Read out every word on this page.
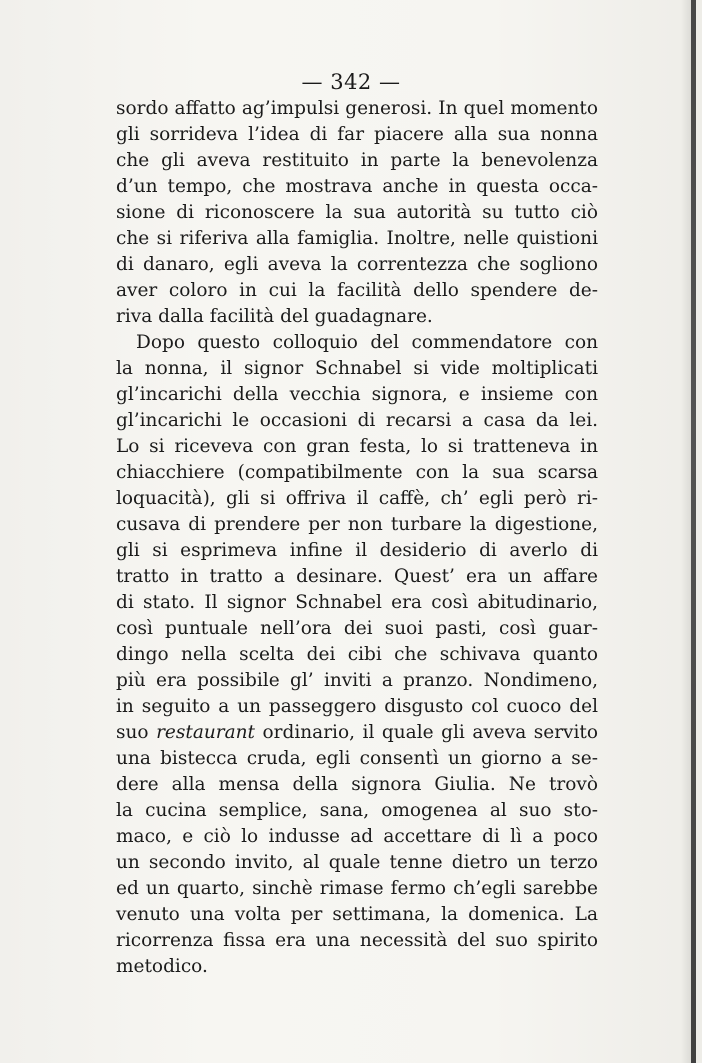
— 342 —

sordo affatto ag’impulsi generosi. In quel momento
gli sorrideva l’idea di far piacere alla sua nonna
che gli aveva restituito in parte la benevolenza
d’un tempo, che mostrava anche in questa occa-
sione di riconoscere la sua autorità su tutto ciò
che si riferiva alla famiglia. Inoltre, nelle quistioni
di danaro, egli aveva la correntezza che sogliono
aver coloro in cui la facilità dello spendere de-
riva dalla facilità del guadagnare.
Dopo questo colloquio del commendatore con
la nonna, il signor Schnabel si vide moltiplicati
gl’incarichi della vecchia signora, e insieme con
gl’incarichi le occasioni di recarsi a casa da lei.
Lo si riceveva con gran festa, lo si tratteneva in
chiacchiere (compatibilmente con la sua scarsa
loquacità), gli si offriva il caffè, ch’ egli però ri-
cusava di prendere per non turbare la digestione,
gli si esprimeva infine il desiderio di averlo di
tratto in tratto a desinare. Quest’ era un affare
di stato. Il signor Schnabel era così abitudinario,
così puntuale nell’ora dei suoi pasti, così guar-
dingo nella scelta dei cibi che schivava quanto
più era possibile gl’ inviti a pranzo. Nondimeno,
in seguito a un passeggero disgusto col cuoco del
suo restaurant ordinario, il quale gli aveva servito
una bistecca cruda, egli consentì un giorno a se-
dere alla mensa della signora Giulia. Ne trovò
la cucina semplice, sana, omogenea al suo sto-
maco, e ciò lo indusse ad accettare di lì a poco
un secondo invito, al quale tenne dietro un terzo
ed un quarto, sinchè rimase fermo ch’egli sarebbe
venuto una volta per settimana, la domenica. La
ricorrenza fissa era una necessità del suo spirito
metodico.
